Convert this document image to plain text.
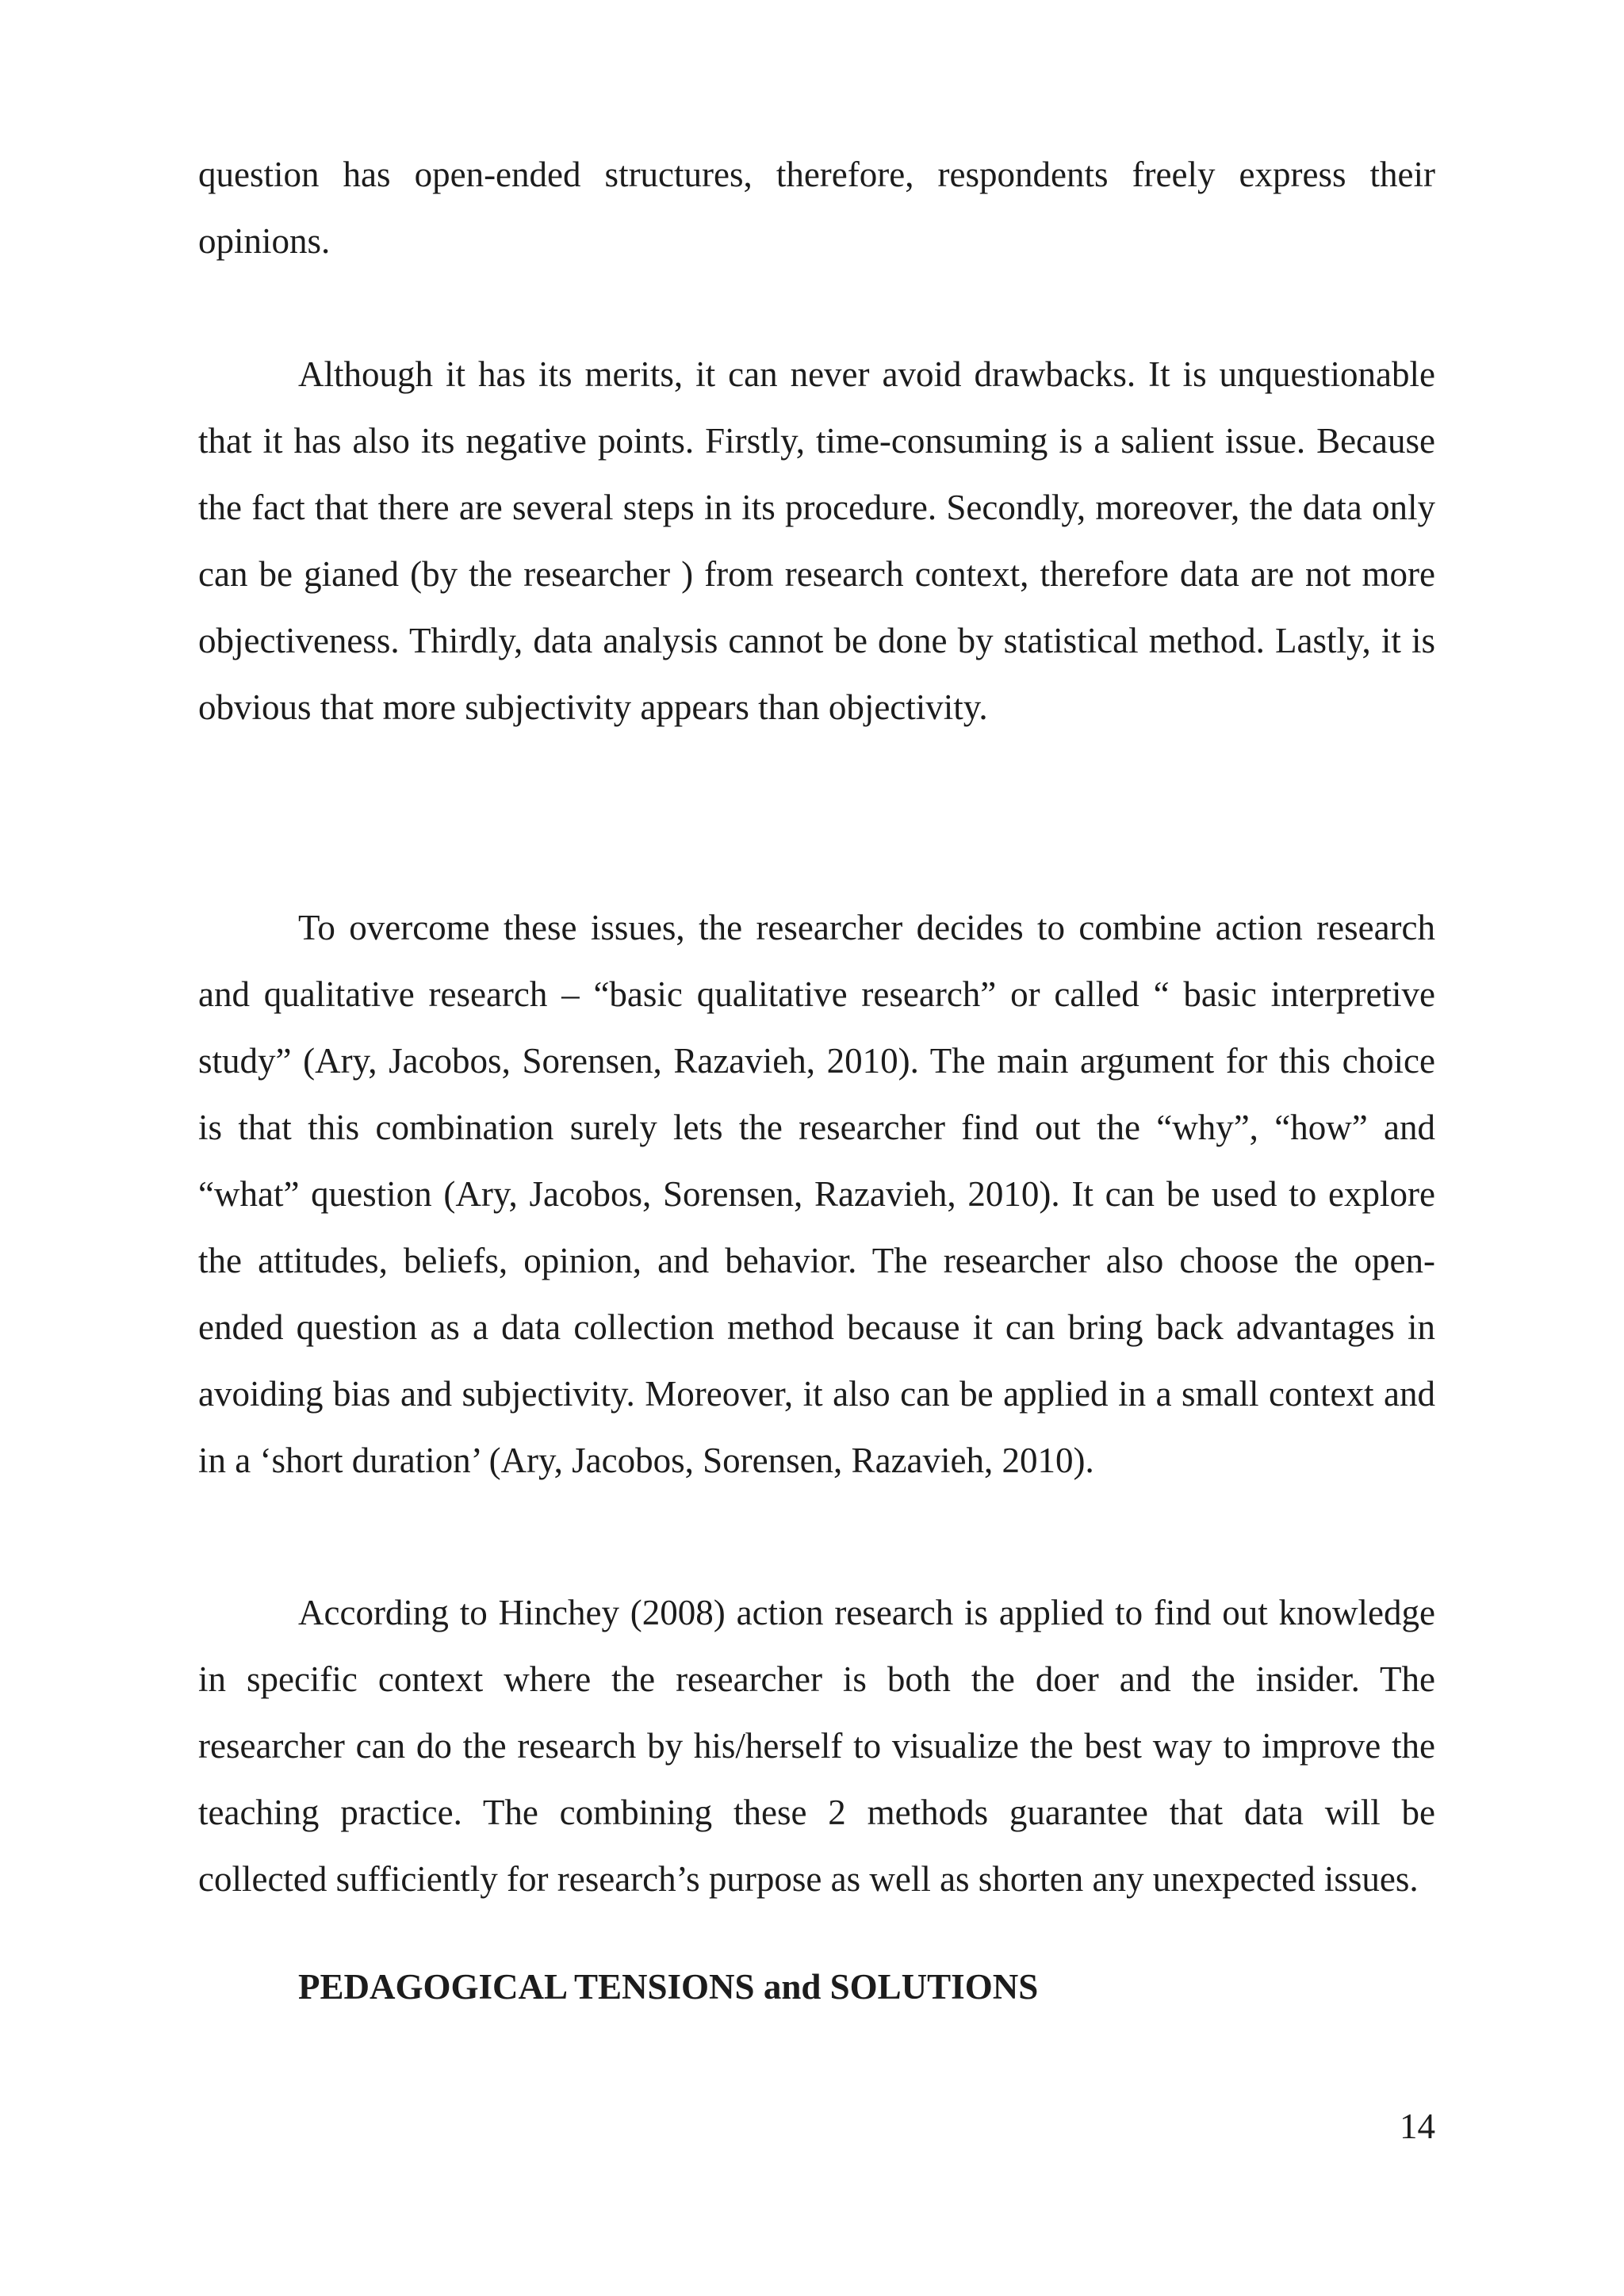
question has open-ended structures, therefore, respondents freely express their opinions.

Although it has its merits, it can never avoid drawbacks. It is unquestionable that it has also its negative points. Firstly, time-consuming is a salient issue. Because the fact that there are several steps in its procedure. Secondly, moreover, the data only can be gianed (by the researcher ) from research context, therefore data are not more objectiveness. Thirdly, data analysis cannot be done by statistical method. Lastly, it is obvious that more subjectivity appears than objectivity.

To overcome these issues, the researcher decides to combine action research and qualitative research – “basic qualitative research” or called “ basic interpretive study” (Ary, Jacobos, Sorensen, Razavieh, 2010). The main argument for this choice is that this combination surely lets the researcher find out the “why”, “how” and “what” question (Ary, Jacobos, Sorensen, Razavieh, 2010). It can be used to explore the attitudes, beliefs, opinion, and behavior. The researcher also choose the open-ended question as a data collection method because it can bring back advantages in avoiding bias and subjectivity. Moreover, it also can be applied in a small context and in a ‘short duration’ (Ary, Jacobos, Sorensen, Razavieh, 2010).

According to Hinchey (2008) action research is applied to find out knowledge in specific context where the researcher is both the doer and the insider. The researcher can do the research by his/herself to visualize the best way to improve the teaching practice. The combining these 2 methods guarantee that data will be collected sufficiently for research’s purpose as well as shorten any unexpected issues.

PEDAGOGICAL TENSIONS and SOLUTIONS

14
